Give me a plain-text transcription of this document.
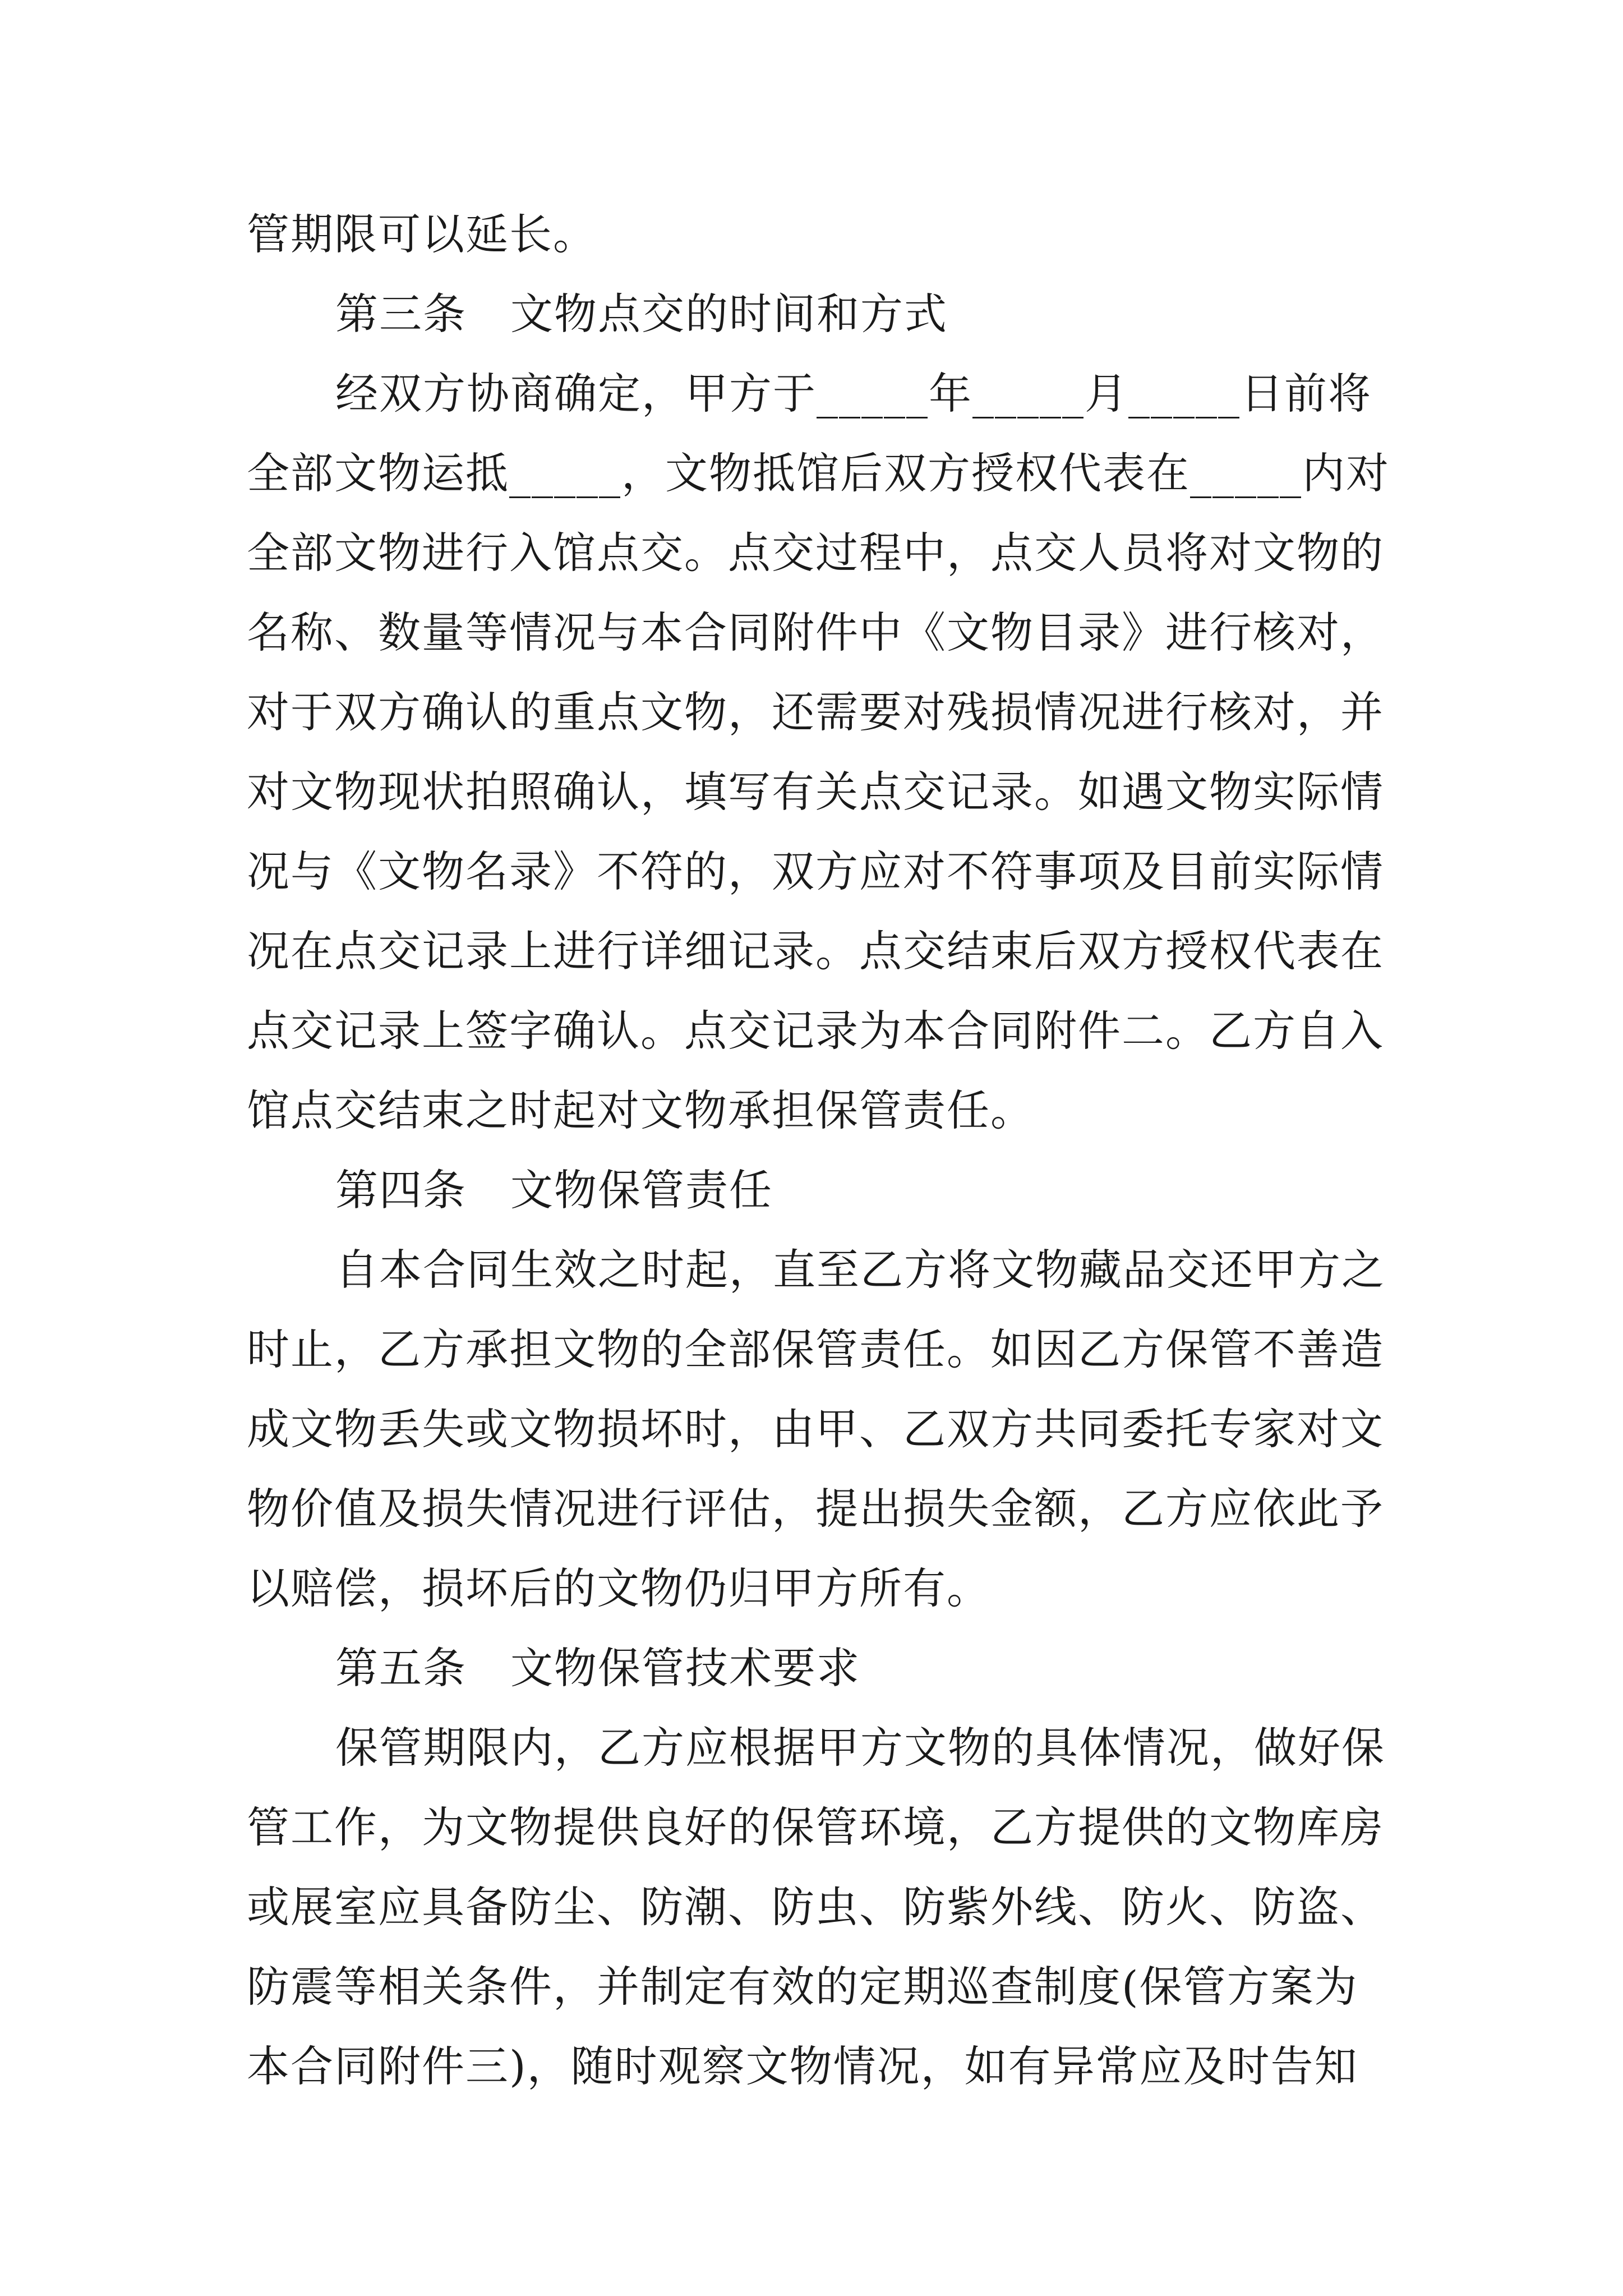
管期限可以延长。

第三条　文物点交的时间和方式

经双方协商确定，甲方于_____年_____月_____日前将

全部文物运抵_____，文物抵馆后双方授权代表在_____内对

全部文物进行入馆点交。点交过程中，点交人员将对文物的

名称、数量等情况与本合同附件中《文物目录》进行核对，

对于双方确认的重点文物，还需要对残损情况进行核对，并

对文物现状拍照确认，填写有关点交记录。如遇文物实际情

况与《文物名录》不符的，双方应对不符事项及目前实际情

况在点交记录上进行详细记录。点交结束后双方授权代表在

点交记录上签字确认。点交记录为本合同附件二。乙方自入

馆点交结束之时起对文物承担保管责任。

第四条　文物保管责任

自本合同生效之时起，直至乙方将文物藏品交还甲方之

时止，乙方承担文物的全部保管责任。如因乙方保管不善造

成文物丢失或文物损坏时，由甲、乙双方共同委托专家对文

物价值及损失情况进行评估，提出损失金额，乙方应依此予

以赔偿，损坏后的文物仍归甲方所有。

第五条　文物保管技术要求

保管期限内，乙方应根据甲方文物的具体情况，做好保

管工作，为文物提供良好的保管环境，乙方提供的文物库房

或展室应具备防尘、防潮、防虫、防紫外线、防火、防盗、

防震等相关条件，并制定有效的定期巡查制度(保管方案为

本合同附件三)，随时观察文物情况，如有异常应及时告知
